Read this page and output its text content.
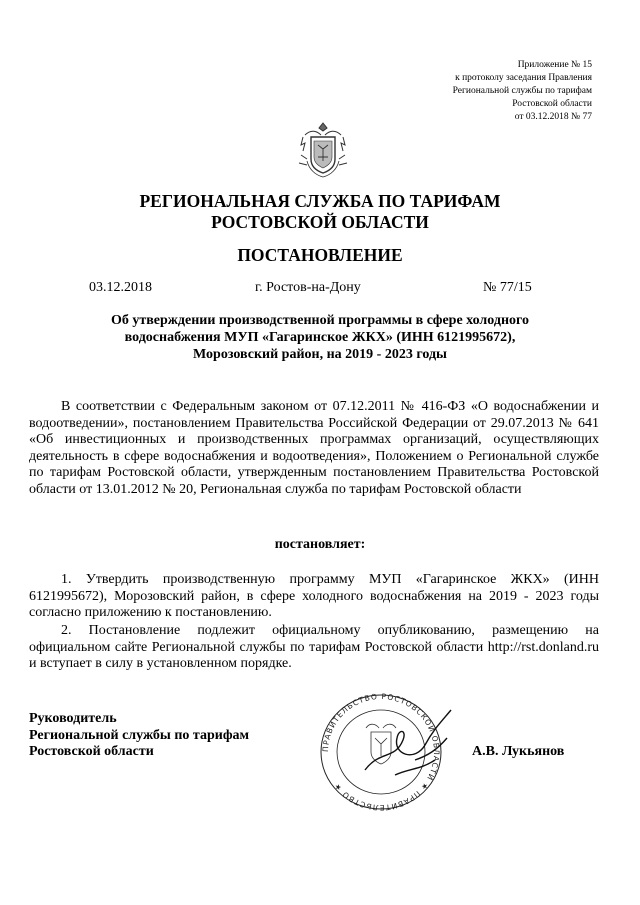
Приложение № 15
к протоколу заседания Правления
Региональной службы по тарифам
Ростовской области
от 03.12.2018 № 77
РЕГИОНАЛЬНАЯ СЛУЖБА ПО ТАРИФАМ
РОСТОВСКОЙ ОБЛАСТИ
ПОСТАНОВЛЕНИЕ
03.12.2018	г. Ростов-на-Дону	№ 77/15
Об утверждении производственной программы в сфере холодного
водоснабжения МУП «Гагаринское ЖКХ» (ИНН 6121995672),
Морозовский район, на 2019 - 2023 годы
В соответствии с Федеральным законом от 07.12.2011 № 416-ФЗ «О водоснабжении и водоотведении», постановлением Правительства Российской Федерации от 29.07.2013 № 641 «Об инвестиционных и производственных программах организаций, осуществляющих деятельность в сфере водоснабжения и водоотведения», Положением о Региональной службе по тарифам Ростовской области, утвержденным постановлением Правительства Ростовской области от 13.01.2012 № 20, Региональная служба по тарифам Ростовской области
постановляет:
1. Утвердить производственную программу МУП «Гагаринское ЖКХ» (ИНН 6121995672), Морозовский район, в сфере холодного водоснабжения на 2019 - 2023 годы согласно приложению к постановлению.
2. Постановление подлежит официальному опубликованию, размещению на официальном сайте Региональной службы по тарифам Ростовской области http://rst.donland.ru и вступает в силу в установленном порядке.
Руководитель
Региональной службы по тарифам
Ростовской области	ПРАВИТЕЛЬСТВО РОСТОВСКОЙ ОБЛАСТИ ★ ПРАВИТЕЛЬСТВО ★
А.В. Лукьянов
